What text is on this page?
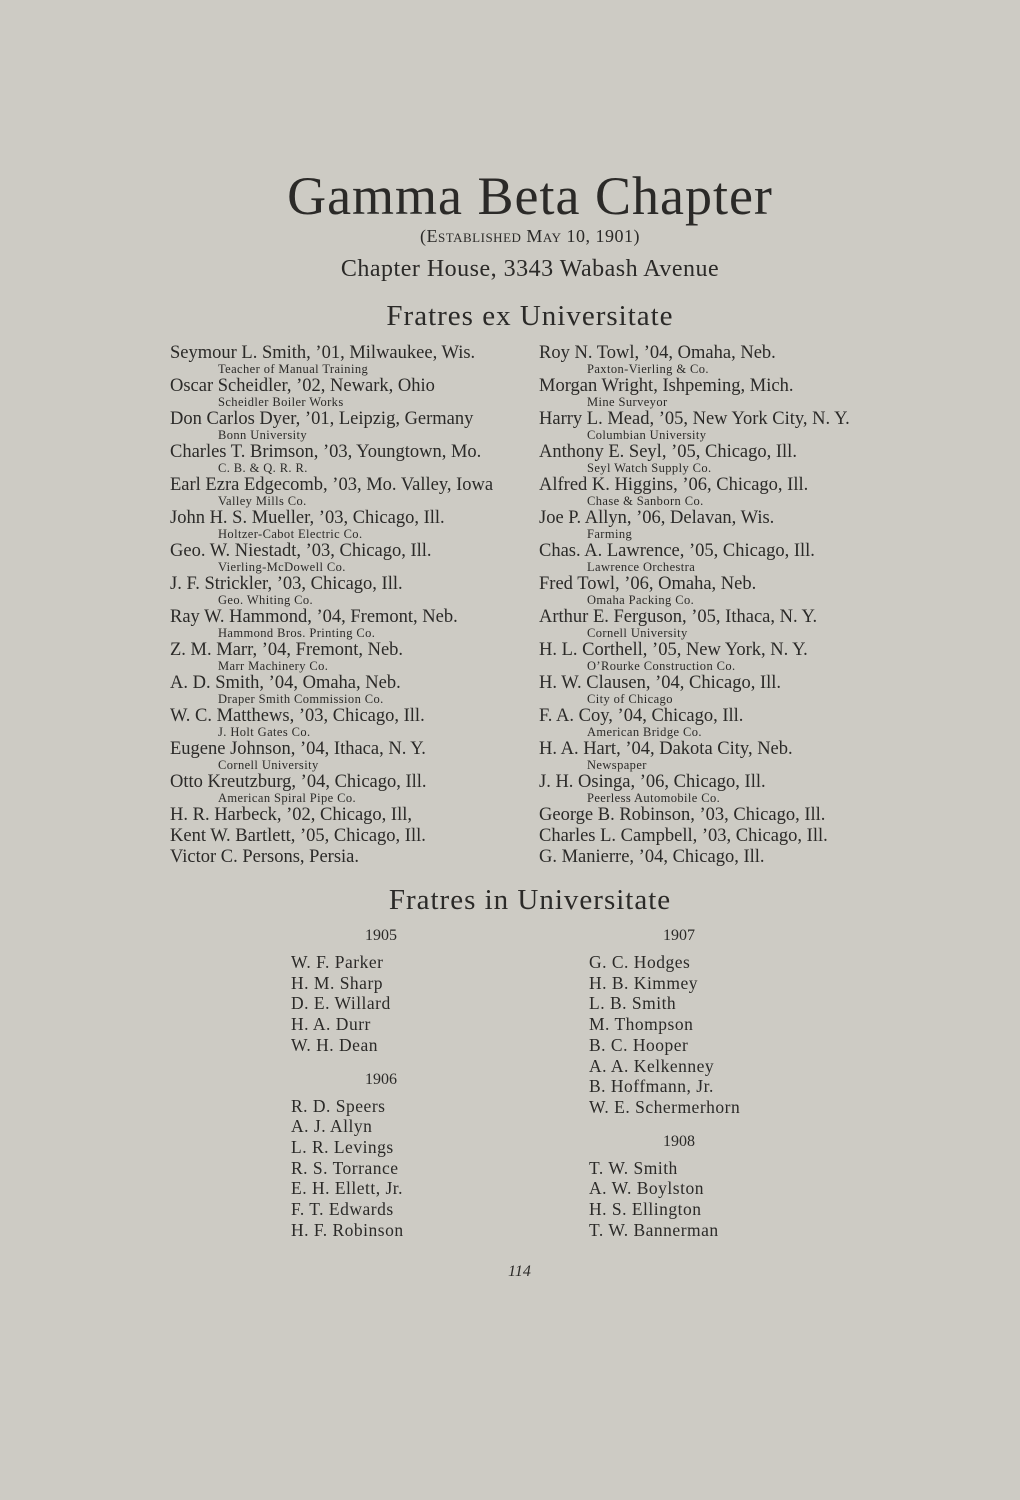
Gamma Beta Chapter
(Established May 10, 1901)
Chapter House, 3343 Wabash Avenue
Fratres ex Universitate
Seymour L. Smith, ’01, Milwaukee, Wis.
Teacher of Manual Training
Oscar Scheidler, ’02, Newark, Ohio
Scheidler Boiler Works
Don Carlos Dyer, ’01, Leipzig, Germany
Bonn University
Charles T. Brimson, ’03, Youngtown, Mo.
C. B. & Q. R. R.
Earl Ezra Edgecomb, ’03, Mo. Valley, Iowa
Valley Mills Co.
John H. S. Mueller, ’03, Chicago, Ill.
Holtzer-Cabot Electric Co.
Geo. W. Niestadt, ’03, Chicago, Ill.
Vierling-McDowell Co.
J. F. Strickler, ’03, Chicago, Ill.
Geo. Whiting Co.
Ray W. Hammond, ’04, Fremont, Neb.
Hammond Bros. Printing Co.
Z. M. Marr, ’04, Fremont, Neb.
Marr Machinery Co.
A. D. Smith, ’04, Omaha, Neb.
Draper Smith Commission Co.
W. C. Matthews, ’03, Chicago, Ill.
J. Holt Gates Co.
Eugene Johnson, ’04, Ithaca, N. Y.
Cornell University
Otto Kreutzburg, ’04, Chicago, Ill.
American Spiral Pipe Co.
H. R. Harbeck, ’02, Chicago, Ill,
Kent W. Bartlett, ’05, Chicago, Ill.
Victor C. Persons, Persia.
Roy N. Towl, ’04, Omaha, Neb.
Paxton-Vierling & Co.
Morgan Wright, Ishpeming, Mich.
Mine Surveyor
Harry L. Mead, ’05, New York City, N. Y.
Columbian University
Anthony E. Seyl, ’05, Chicago, Ill.
Seyl Watch Supply Co.
Alfred K. Higgins, ’06, Chicago, Ill.
Chase & Sanborn Co.
Joe P. Allyn, ’06, Delavan, Wis.
Farming
Chas. A. Lawrence, ’05, Chicago, Ill.
Lawrence Orchestra
Fred Towl, ’06, Omaha, Neb.
Omaha Packing Co.
Arthur E. Ferguson, ’05, Ithaca, N. Y.
Cornell University
H. L. Corthell, ’05, New York, N. Y.
O’Rourke Construction Co.
H. W. Clausen, ’04, Chicago, Ill.
City of Chicago
F. A. Coy, ’04, Chicago, Ill.
American Bridge Co.
H. A. Hart, ’04, Dakota City, Neb.
Newspaper
J. H. Osinga, ’06, Chicago, Ill.
Peerless Automobile Co.
George B. Robinson, ’03, Chicago, Ill.
Charles L. Campbell, ’03, Chicago, Ill.
G. Manierre, ’04, Chicago, Ill.
Fratres in Universitate
1905
W. F. Parker
H. M. Sharp
D. E. Willard
H. A. Durr
W. H. Dean
1906
R. D. Speers
A. J. Allyn
L. R. Levings
R. S. Torrance
E. H. Ellett, Jr.
F. T. Edwards
H. F. Robinson
1907
G. C. Hodges
H. B. Kimmey
L. B. Smith
M. Thompson
B. C. Hooper
A. A. Kelkenney
B. Hoffmann, Jr.
W. E. Schermerhorn
1908
T. W. Smith
A. W. Boylston
H. S. Ellington
T. W. Bannerman
114
